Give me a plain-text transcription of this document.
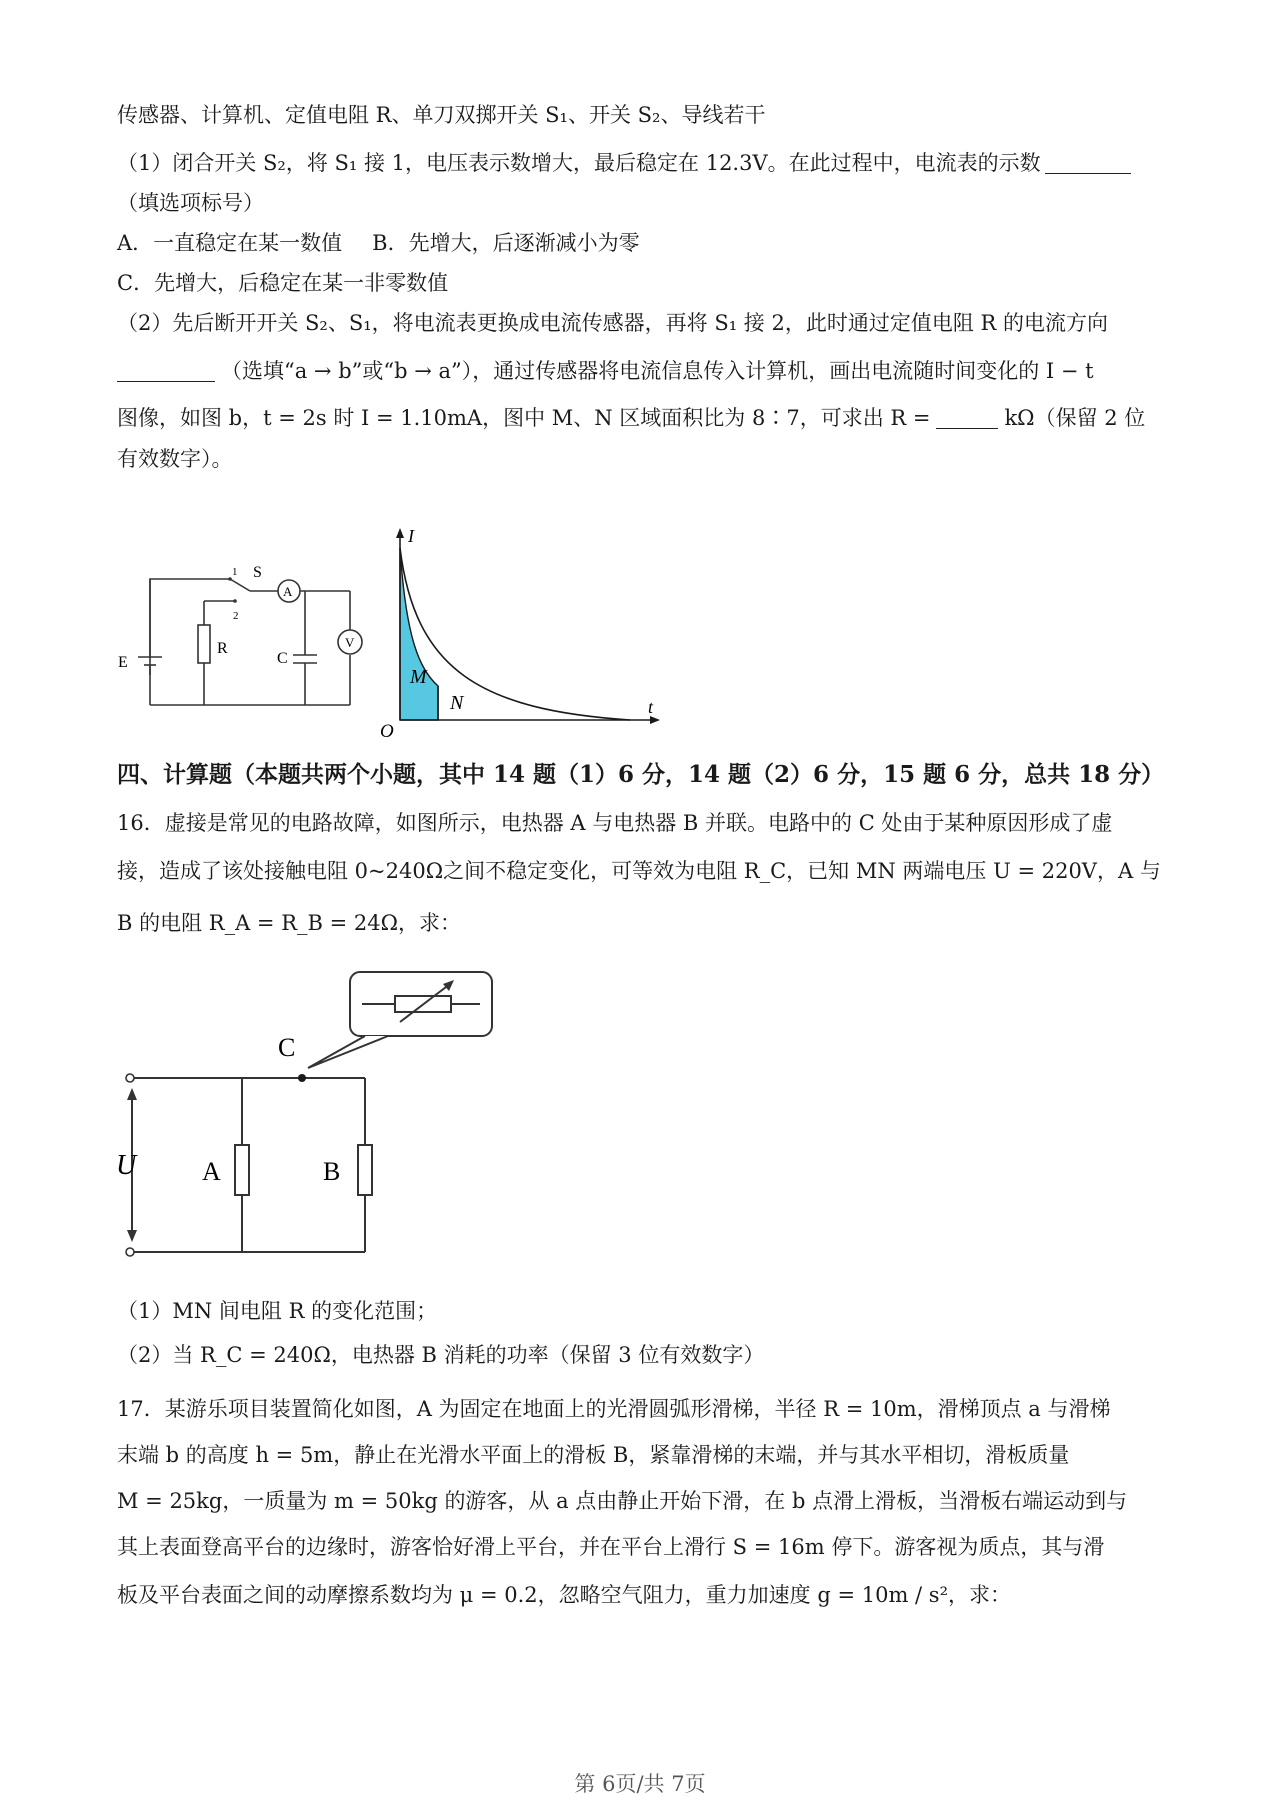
传感器、计算机、定值电阻 R、单刀双掷开关 S₁、开关 S₂、导线若干
（1）闭合开关 S₂，将 S₁ 接 1，电压表示数增大，最后稳定在 12.3V。在此过程中，电流表的示数
（填选项标号）
A．一直稳定在某一数值 B．先增大，后逐渐减小为零
C．先增大，后稳定在某一非零数值
（2）先后断开开关 S₂、S₁，将电流表更换成电流传感器，再将 S₁ 接 2，此时通过定值电阻 R 的电流方向
（选填“a → b”或“b → a”），通过传感器将电流信息传入计算机，画出电流随时间变化的 I − t
图像，如图 b，t = 2s 时 I = 1.10mA，图中 M、N 区域面积比为 8∶7，可求出 R =	kΩ（保留 2 位
有效数字）。
E
R
C
S
A
V
1
2
I
t
O
M
N
四、计算题（本题共两个小题，其中 14 题（1）6 分，14 题（2）6 分，15 题 6 分，总共 18 分）
16．虚接是常见的电路故障，如图所示，电热器 A 与电热器 B 并联。电路中的 C 处由于某种原因形成了虚
接，造成了该处接触电阻 0~240Ω之间不稳定变化，可等效为电阻 R_C，已知 MN 两端电压 U = 220V，A 与
B 的电阻 R_A = R_B = 24Ω，求：
C
U	A	B
（1）MN 间电阻 R 的变化范围；
（2）当 R_C = 240Ω，电热器 B 消耗的功率（保留 3 位有效数字）
17．某游乐项目装置简化如图，A 为固定在地面上的光滑圆弧形滑梯，半径 R = 10m，滑梯顶点 a 与滑梯
末端 b 的高度 h = 5m，静止在光滑水平面上的滑板 B，紧靠滑梯的末端，并与其水平相切，滑板质量
M = 25kg，一质量为 m = 50kg 的游客，从 a 点由静止开始下滑，在 b 点滑上滑板，当滑板右端运动到与
其上表面登高平台的边缘时，游客恰好滑上平台，并在平台上滑行 S = 16m 停下。游客视为质点，其与滑
板及平台表面之间的动摩擦系数均为 μ = 0.2，忽略空气阻力，重力加速度 g = 10m / s²，求：
第 6页/共 7页
